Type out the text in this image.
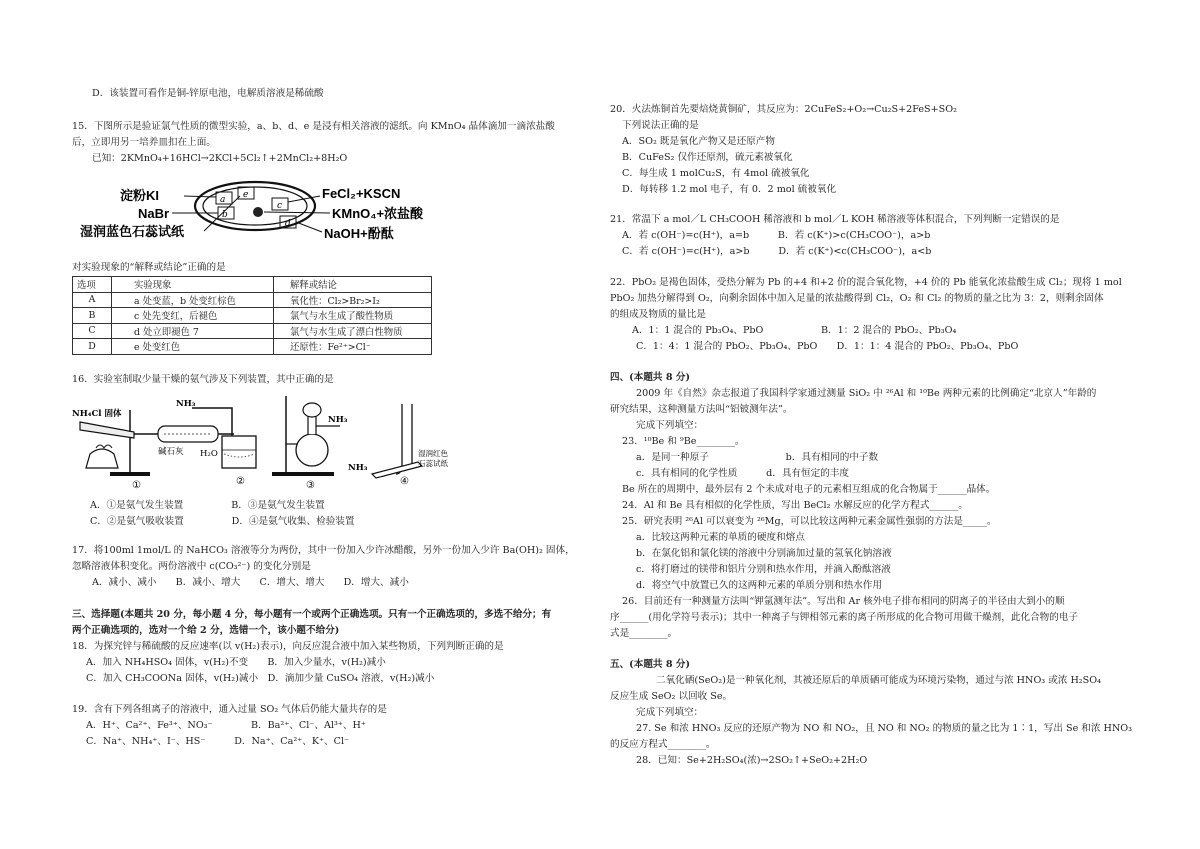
D．该装置可看作是铜-锌原电池，电解质溶液是稀硫酸
15．下图所示是验证氯气性质的微型实验，a、b、d、e 是浸有相关溶液的滤纸。向 KMnO₄ 晶体滴加一滴浓盐酸
后，立即用另一培养皿扣在上面。
已知：2KMnO₄+16HCl→2KCl+5Cl₂↑+2MnCl₂+8H₂O
a
b
c
e
d
淀粉KI
NaBr
湿润蓝色石蕊试纸
FeCl₂+KSCN
KMnO₄+浓盐酸
NaOH+酚酞
对实验现象的“解释或结论”正确的是
选项	实验现象	解释或结论
A	a 处变蓝，b 处变红棕色	氧化性：Cl₂>Br₂>I₂
B	c 处先变红，后褪色	氯气与水生成了酸性物质
C	d 处立即褪色 7	氯气与水生成了漂白性物质
D	e 处变红色	还原性：Fe²⁺>Cl⁻
16．实验室制取少量干燥的氨气涉及下列装置，其中正确的是
NH₄Cl 固体
碱石灰
NH₃
H₂O
NH₃
NH₃
湿润红色
石蕊试纸
①	②	③	④
A．①是氨气发生装置　　　　　B．③是氨气发生装置
C．②是氨气吸收装置　　　　　D．④是氨气收集、检验装置
17．将100ml 1mol/L 的 NaHCO₃ 溶液等分为两份，其中一份加入少许冰醋酸，另外一份加入少许 Ba(OH)₂ 固体，
忽略溶液体积变化。两份溶液中 c(CO₃²⁻) 的变化分别是
A．减小、减小　　B．减小、增大　　C．增大、增大　　D．增大、减小
三、选择题(本题共 20 分，每小题 4 分，每小题有一个或两个正确选项。只有一个正确选项的，多选不给分；有
两个正确选项的，选对一个给 2 分，选错一个，该小题不给分)
18．为探究锌与稀硫酸的反应速率(以 v(H₂)表示)，向反应混合液中加入某些物质，下列判断正确的是
A．加入 NH₄HSO₄ 固体，v(H₂)不变　　B．加入少量水，v(H₂)减小
C．加入 CH₃COONa 固体，v(H₂)减小　D．滴加少量 CuSO₄ 溶液，v(H₂)减小
19．含有下列各组离子的溶液中，通入过量 SO₂ 气体后仍能大量共存的是
A．H⁺、Ca²⁺、Fe³⁺、NO₃⁻　　　　B．Ba²⁺、Cl⁻、Al³⁺、H⁺
C．Na⁺、NH₄⁺、I⁻、HS⁻　　　D．Na⁺、Ca²⁺、K⁺、Cl⁻
20．火法炼铜首先要焙烧黄铜矿，其反应为：2CuFeS₂+O₂→Cu₂S+2FeS+SO₂
下列说法正确的是
A．SO₂ 既是氧化产物又是还原产物
B．CuFeS₂ 仅作还原剂，硫元素被氧化
C．每生成 1 molCu₂S，有 4mol 硫被氧化
D．每转移 1.2 mol 电子，有 0．2 mol 硫被氧化
21．常温下 a mol／L CH₃COOH 稀溶液和 b mol／L KOH 稀溶液等体积混合，下列判断一定错误的是
A．若 c(OH⁻)=c(H⁺)，a=b　　　B．若 c(K⁺)>c(CH₃COO⁻)，a>b
C．若 c(OH⁻)=c(H⁺)，a>b　　　D．若 c(K⁺)<c(CH₃COO⁻)，a<b
22．PbO₂ 是褐色固体，受热分解为 Pb 的+4 和+2 价的混合氧化物，+4 价的 Pb 能氧化浓盐酸生成 Cl₂；现将 1 mol
PbO₂ 加热分解得到 O₂，向剩余固体中加入足量的浓盐酸得到 Cl₂，O₂ 和 Cl₂ 的物质的量之比为 3：2，则剩余固体
的组成及物质的量比是
A．1：1 混合的 Pb₃O₄、PbO　　　　　　B．1：2 混合的 PbO₂、Pb₃O₄
C．1：4：1 混合的 PbO₂、Pb₃O₄、PbO　　D．1：1：4 混合的 PbO₂、Pb₃O₄、PbO
四、(本题共 8 分)
2009 年《自然》杂志报道了我国科学家通过测量 SiO₂ 中 ²⁶Al 和 ¹⁰Be 两种元素的比例确定“北京人”年龄的
研究结果，这种测量方法叫“铝铍测年法”。
完成下列填空：
23．¹⁰Be 和 ⁹Be________。
a．是同一种原子　　　　　　　　b．具有相同的中子数
c．具有相同的化学性质　　　d．具有恒定的丰度
Be 所在的周期中，最外层有 2 个未成对电子的元素相互组成的化合物属于______晶体。
24．Al 和 Be 具有相似的化学性质，写出 BeCl₂ 水解反应的化学方程式______。
25．研究表明 ²⁶Al 可以衰变为 ²⁶Mg，可以比较这两种元素金属性强弱的方法是_____。
a．比较这两种元素的单质的硬度和熔点
b．在氯化铝和氯化镁的溶液中分别滴加过量的氢氧化钠溶液
c．将打磨过的镁带和铝片分别和热水作用，并滴入酚酞溶液
d．将空气中放置已久的这两种元素的单质分别和热水作用
26．目前还有一种测量方法叫“钾氩测年法”。写出和 Ar 核外电子排布相同的阴离子的半径由大到小的顺
序______(用化学符号表示)；其中一种离子与钾相邻元素的离子所形成的化合物可用做干燥剂，此化合物的电子
式是________。
五、(本题共 8 分)
二氧化硒(SeO₂)是一种氧化剂，其被还原后的单质硒可能成为环境污染物，通过与浓 HNO₃ 或浓 H₂SO₄
反应生成 SeO₂ 以回收 Se。
完成下列填空：
27. Se 和浓 HNO₃ 反应的还原产物为 NO 和 NO₂，且 NO 和 NO₂ 的物质的量之比为 1∶1，写出 Se 和浓 HNO₃
的反应方程式________。
28．已知：Se+2H₂SO₄(浓)→2SO₂↑+SeO₂+2H₂O
